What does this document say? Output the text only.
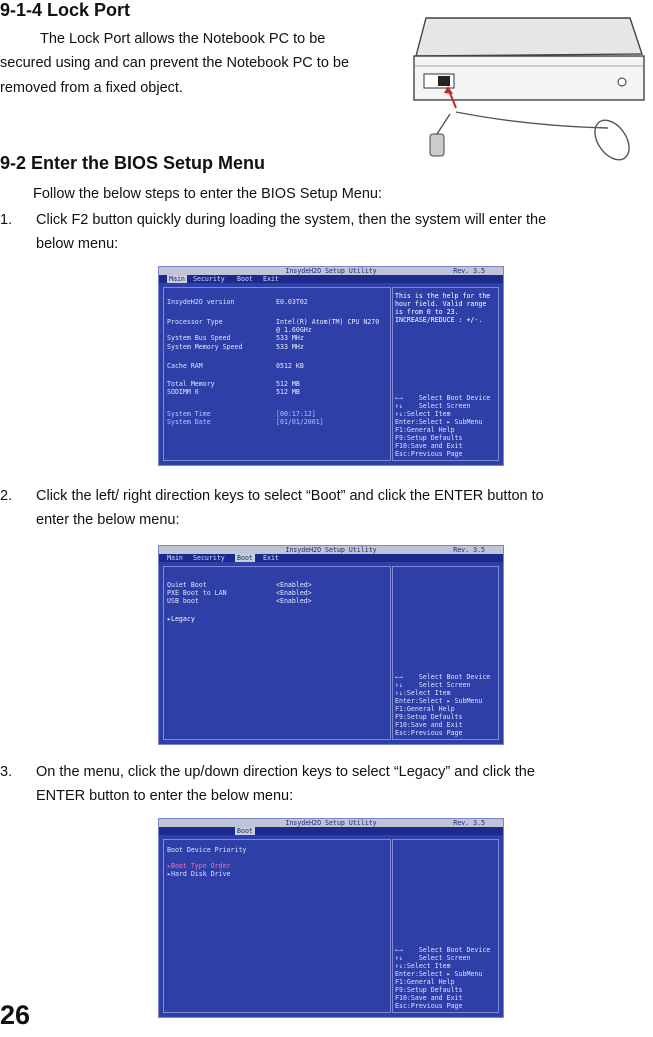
9-1-4 Lock Port
The Lock Port allows the Notebook PC to be
secured using and can prevent the Notebook PC to be
removed from a fixed object.
9-2 Enter the BIOS Setup Menu
Follow the below steps to enter the BIOS Setup Menu:
1. Click F2 button quickly during loading the system, then the system will enter the
below menu:
InsydeH2O Setup Utility	Rev. 3.5
Main	Security Boot Exit
InsydeH2O version	E0.03T02
Processor Type	Intel(R) Atom(TM) CPU N270
@ 1.60GHz
System Bus Speed	533 MHz
System Memory Speed	533 MHz
Cache RAM	0512 KB
Total Memory	512 MB
SODIMM 0	512 MB
System Time	[00:17:12]
System Date	[01/01/2001]
This is the help for the
hour field. Valid range
is from 0 to 23.
INCREASE/REDUCE : +/-.
←→    Select Boot Device
↑↓    Select Screen
↑↓:Select Item
Enter:Select ▸ SubMenu
F1:General Help
F9:Setup Defaults
F10:Save and Exit
Esc:Previous Page
2. Click the left/ right direction keys to select “Boot” and click the ENTER button to
enter the below menu:
InsydeH2O Setup Utility	Rev. 3.5
Main Security	Boot	Exit
Quiet Boot	<Enabled>
PXE Boot to LAN	<Enabled>
USB boot	<Enabled>
▸Legacy
←→    Select Boot Device
↑↓    Select Screen
↑↓:Select Item
Enter:Select ▸ SubMenu
F1:General Help
F9:Setup Defaults
F10:Save and Exit
Esc:Previous Page
3. On the menu, click the up/down direction keys to select “Legacy” and click the
ENTER button to enter the below menu:
InsydeH2O Setup Utility	Rev. 3.5
Boot
Boot Device Priority
▸Boot Type Order
▸Hard Disk Drive
←→    Select Boot Device
↑↓    Select Screen
↑↓:Select Item
Enter:Select ▸ SubMenu
F1:General Help
F9:Setup Defaults
F10:Save and Exit
Esc:Previous Page
26
